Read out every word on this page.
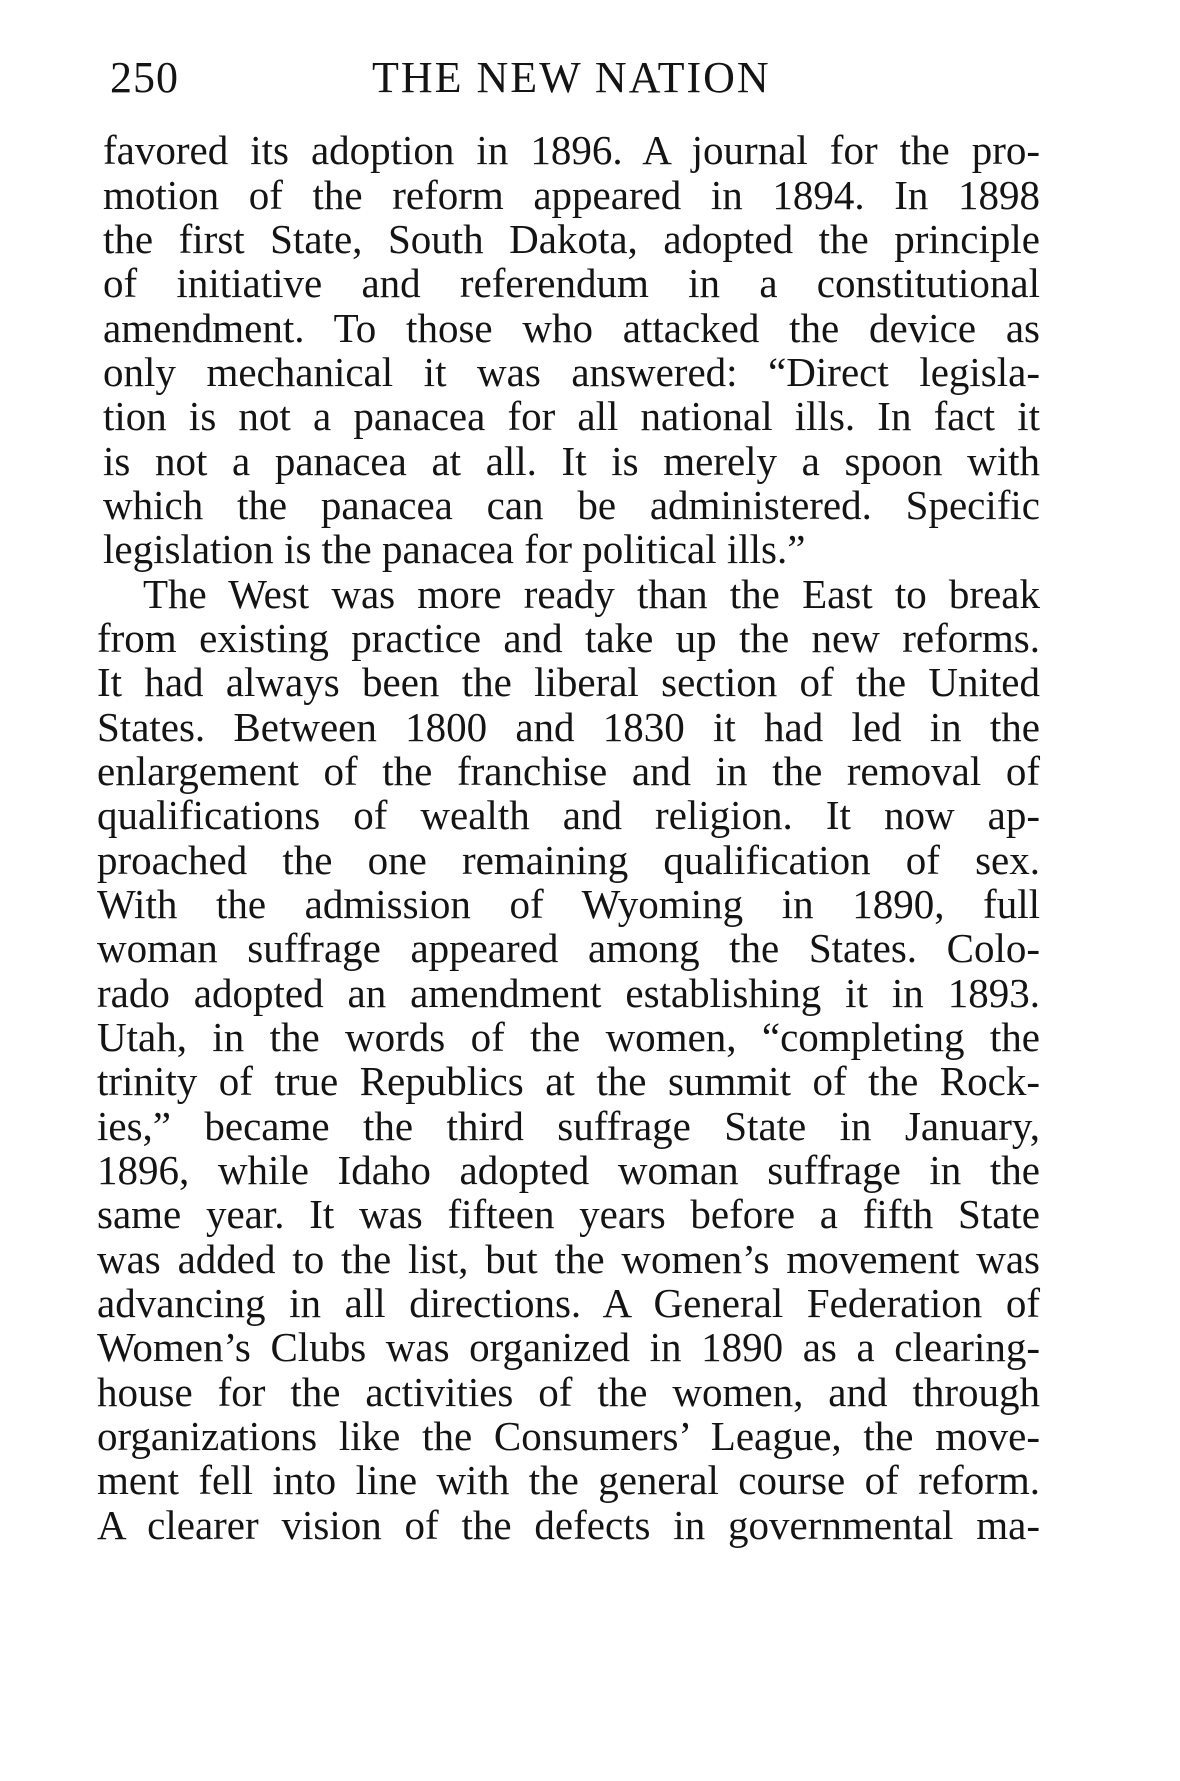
250	THE NEW NATION
favored its adoption in 1896. A journal for the pro-
motion of the reform appeared in 1894. In 1898
the first State, South Dakota, adopted the principle
of initiative and referendum in a constitutional
amendment. To those who attacked the device as
only mechanical it was answered: “Direct legisla-
tion is not a panacea for all national ills. In fact it
is not a panacea at all. It is merely a spoon with
which the panacea can be administered. Specific
legislation is the panacea for political ills.”
The West was more ready than the East to break
from existing practice and take up the new reforms.
It had always been the liberal section of the United
States. Between 1800 and 1830 it had led in the
enlargement of the franchise and in the removal of
qualifications of wealth and religion. It now ap-
proached the one remaining qualification of sex.
With the admission of Wyoming in 1890, full
woman suffrage appeared among the States. Colo-
rado adopted an amendment establishing it in 1893.
Utah, in the words of the women, “completing the
trinity of true Republics at the summit of the Rock-
ies,” became the third suffrage State in January,
1896, while Idaho adopted woman suffrage in the
same year. It was fifteen years before a fifth State
was added to the list, but the women’s movement was
advancing in all directions. A General Federation of
Women’s Clubs was organized in 1890 as a clearing-
house for the activities of the women, and through
organizations like the Consumers’ League, the move-
ment fell into line with the general course of reform.
A clearer vision of the defects in governmental ma-
